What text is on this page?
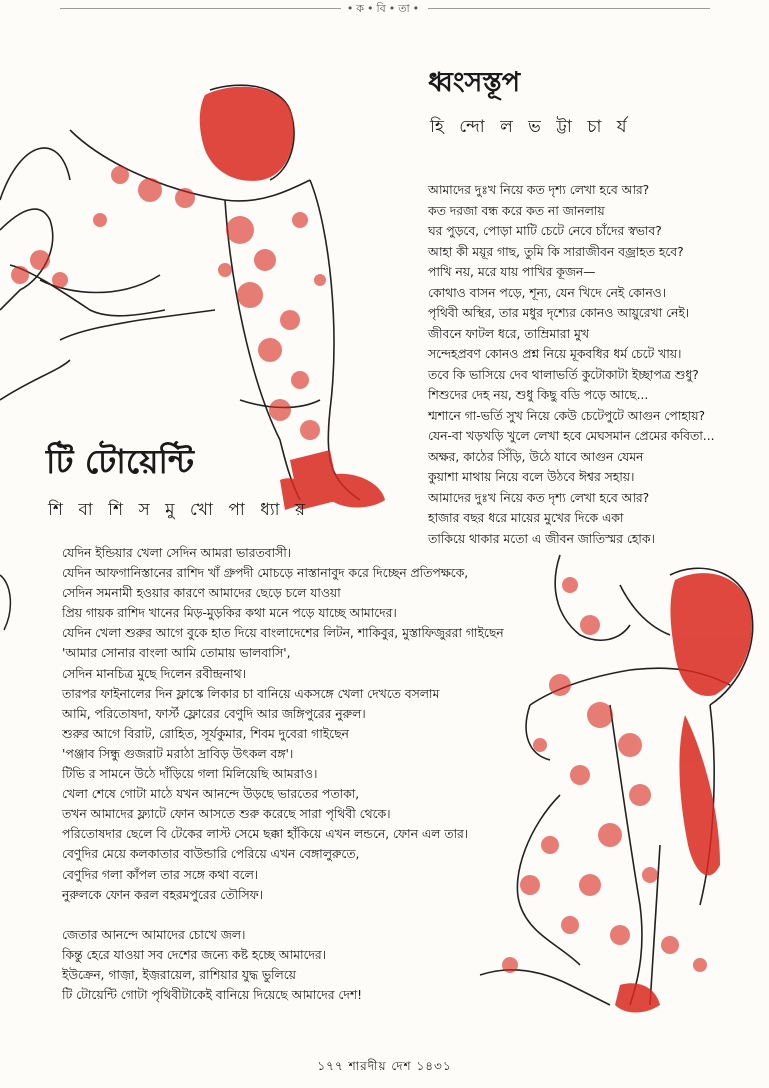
•ক•বি•তা•
ধ্বংসস্তূপ
হি ন্দো ল ভ ট্টা চা র্য
আমাদের দুঃখ নিয়ে কত দৃশ্য লেখা হবে আর?
কত দরজা বন্ধ করে কত না জানলায়
ঘর পুড়বে, পোড়া মাটি চেটে নেবে চাঁদের স্বভাব?
আহা কী ময়ূর গাছ, তুমি কি সারাজীবন বজ্রাহত হবে?
পাখি নয়, মরে যায় পাখির কূজন—
কোথাও বাসন পড়ে, শূন্য, যেন খিদে নেই কোনও।
পৃথিবী অস্থির, তার মধুর দৃশ্যের কোনও আয়ুরেখা নেই।
জীবনে ফাটল ধরে, তাম্রিমারা মুখ
সন্দেহপ্রবণ কোনও প্রশ্ন নিয়ে মূকবধির ধর্ম চেটে খায়।
তবে কি ভাসিয়ে দেব থালাভর্তি কুটোকাটা ইচ্ছাপত্র শুধু?
শিশুদের দেহ নয়, শুধু কিছু বডি পড়ে আছে...
শ্মশানে গা-ভর্তি সুখ নিয়ে কেউ চেটেপুটে আগুন পোহায়?
যেন-বা খড়খড়ি খুলে লেখা হবে মেঘসমান প্রেমের কবিতা...
অক্ষর, কাঠের সিঁড়ি, উঠে যাবে আগুন যেমন
কুয়াশা মাথায় নিয়ে বলে উঠবে ঈশ্বর সহায়।
আমাদের দুঃখ নিয়ে কত দৃশ্য লেখা হবে আর?
হাজার বছর ধরে মায়ের মুখের দিকে একা
তাকিয়ে থাকার মতো এ জীবন জাতিস্মর হোক।
টি টোয়েন্টি
শি বা শি স মু খো পা ধ্যা য়
যেদিন ইন্ডিয়ার খেলা সেদিন আমরা ভারতবাসী।
যেদিন আফগানিস্তানের রাশিদ খাঁ গ্রুপদী মোচড়ে নাস্তানাবুদ করে দিচ্ছেন প্রতিপক্ষকে,
সেদিন সমনামী হওয়ার কারণে আমাদের ছেড়ে চলে যাওয়া
প্রিয় গায়ক রাশিদ খানের মিড়-মুড়কির কথা মনে পড়ে যাচ্ছে আমাদের।
যেদিন খেলা শুরুর আগে বুকে হাত দিয়ে বাংলাদেশের লিটন, শাকিবুর, মুস্তাফিজুররা গাইছেন
'আমার সোনার বাংলা আমি তোমায় ভালবাসি',
সেদিন মানচিত্র মুছে দিলেন রবীন্দ্রনাথ।
তারপর ফাইনালের দিন ফ্লাস্কে লিকার চা বানিয়ে একসঙ্গে খেলা দেখতে বসলাম
আমি, পরিতোষদা, ফার্স্ট ফ্লোরের বেণুদি আর জঙ্গিপুরের নুরুল।
শুরুর আগে বিরাট, রোহিত, সূর্যকুমার, শিবম দুবেরা গাইছেন
'পঞ্জাব সিন্ধু গুজরাট মরাঠা দ্রাবিড় উৎকল বঙ্গ'।
টিভি র সামনে উঠে দাঁড়িয়ে গলা মিলিয়েছি আমরাও।
খেলা শেষে গোটা মাঠে যখন আনন্দে উড়ছে ভারতের পতাকা,
তখন আমাদের ফ্ল্যাটে ফোন আসতে শুরু করেছে সারা পৃথিবী থেকে।
পরিতোষদার ছেলে বি টেকের লাস্ট সেমে ছক্কা হাঁকিয়ে এখন লন্ডনে, ফোন এল তার।
বেণুদির মেয়ে কলকাতার বাউন্ডারি পেরিয়ে এখন বেঙ্গালুরুতে,
বেণুদির গলা কাঁপল তার সঙ্গে কথা বলে।
নুরুলকে ফোন করল বহরমপুরের তৌসিফ।
জেতার আনন্দে আমাদের চোখে জল।
কিন্তু হেরে যাওয়া সব দেশের জন্যে কষ্ট হচ্ছে আমাদের।
ইউক্রেন, গাজ়া, ইজ়রায়েল, রাশিয়ার যুদ্ধ ভুলিয়ে
টি টোয়েন্টি গোটা পৃথিবীটাকেই বানিয়ে দিয়েছে আমাদের দেশ!
১৭৭ শারদীয় দেশ ১৪৩১
